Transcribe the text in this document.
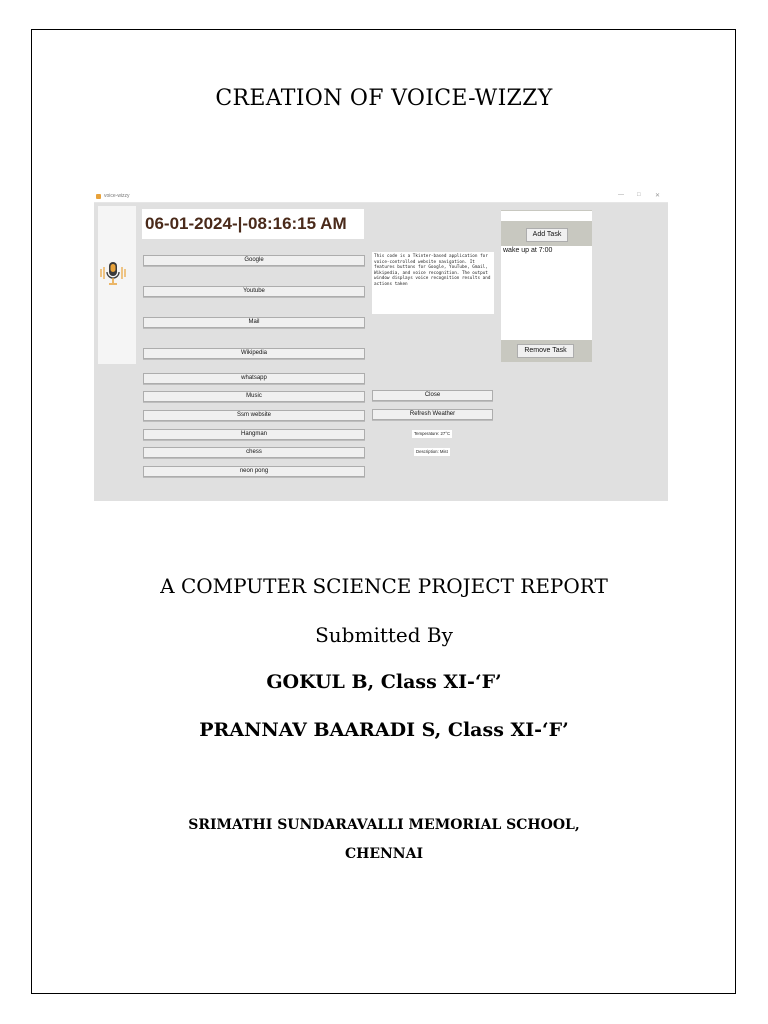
CREATION OF VOICE-WIZZY
voice-wizzy	— □ ✕
06-01-2024-|-08:16:15 AM
Google
Youtube
Mail
Wikipedia
whatsapp
Music
Ssm website
Hangman
chess
neon pong
This code is a Tkinter-based application for voice-controlled website navigation. It features buttons for Google, YouTube, Gmail, Wikipedia, and voice recognition. The output window displays voice recognition results and actions taken
Close
Refresh Weather
Temperature: 27°C
Description: Mist
Add Task
wake up at 7:00
Remove Task
A COMPUTER SCIENCE PROJECT REPORT
Submitted By
GOKUL B, Class XI-‘F’
PRANNAV BAARADI S, Class XI-‘F’
SRIMATHI SUNDARAVALLI MEMORIAL SCHOOL,
CHENNAI
